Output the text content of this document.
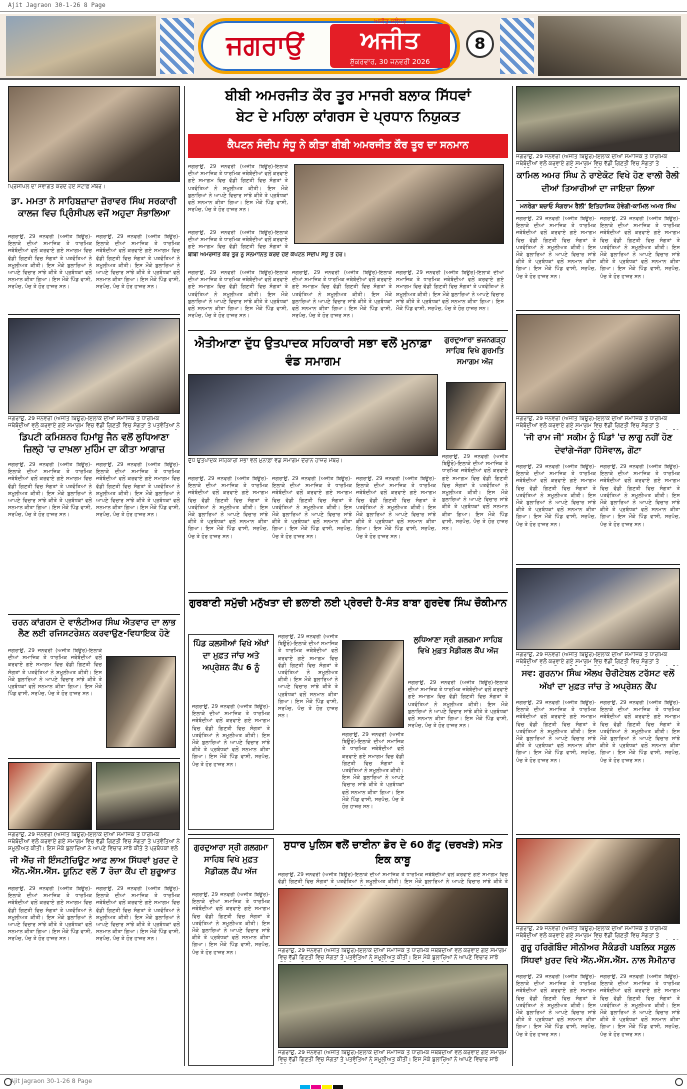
Ajit Jagraon 30-1-26 8 Page
ਜਗਰਾਉਂ	ਅਜੀਤ
ਅਜੀਤ ਜਲੰਧਰ
ਸ਼ੁੱਕਰਵਾਰ, 30 ਜਨਵਰੀ 2026
8
ਪ੍ਰਿੰਸੀਪਲ ਦਾ ਸਵਾਗਤ ਕਰਦੇ ਹੋਏ ਸਟਾਫ਼ ਮੈਂਬਰ।
ਡਾ. ਮਮਤਾ ਨੇ ਸਾਹਿਬਜ਼ਾਦਾ ਜ਼ੋਰਾਵਰ ਸਿੰਘ ਸਰਕਾਰੀ ਕਾਲਜ ਵਿਚ ਪ੍ਰਿੰਸੀਪਲ ਵਜੋਂ ਅਹੁਦਾ ਸੰਭਾਲਿਆ
ਜਗਰਾਉਂ, 29 ਜਨਵਰੀ (ਅਜੀਤ ਬਿਊਰੋ)-ਇਲਾਕੇ ਦੀਆਂ ਸਮਾਜਿਕ ਤੇ ਧਾਰਮਿਕ ਜਥੇਬੰਦੀਆਂ ਵਲੋਂ ਕਰਵਾਏ ਗਏ ਸਮਾਗਮ ਵਿਚ ਵੱਡੀ ਗਿਣਤੀ ਵਿਚ ਸੰਗਤਾਂ ਤੇ ਪਤਵੰਤਿਆਂ ਨੇ ਸ਼ਮੂਲੀਅਤ ਕੀਤੀ। ਇਸ ਮੌਕੇ ਬੁਲਾਰਿਆਂ ਨੇ ਆਪਣੇ ਵਿਚਾਰ ਸਾਂਝੇ ਕੀਤੇ ਤੇ ਪ੍ਰਬੰਧਕਾਂ ਵਲੋਂ ਸਨਮਾਨ ਕੀਤਾ ਗਿਆ। ਇਸ ਮੌਕੇ ਪਿੰਡ ਵਾਸੀ, ਸਰਪੰਚ, ਪੰਚ ਤੇ ਹੋਰ ਹਾਜ਼ਰ ਸਨ।
ਜਗਰਾਉਂ, 29 ਜਨਵਰੀ (ਅਜੀਤ ਬਿਊਰੋ)-ਇਲਾਕੇ ਦੀਆਂ ਸਮਾਜਿਕ ਤੇ ਧਾਰਮਿਕ ਜਥੇਬੰਦੀਆਂ ਵਲੋਂ ਕਰਵਾਏ ਗਏ ਸਮਾਗਮ ਵਿਚ ਵੱਡੀ ਗਿਣਤੀ ਵਿਚ ਸੰਗਤਾਂ ਤੇ ਪਤਵੰਤਿਆਂ ਨੇ ਸ਼ਮੂਲੀਅਤ ਕੀਤੀ। ਇਸ ਮੌਕੇ ਬੁਲਾਰਿਆਂ ਨੇ ਆਪਣੇ ਵਿਚਾਰ ਸਾਂਝੇ ਕੀਤੇ ਤੇ ਪ੍ਰਬੰਧਕਾਂ ਵਲੋਂ ਸਨਮਾਨ ਕੀਤਾ ਗਿਆ। ਇਸ ਮੌਕੇ ਪਿੰਡ ਵਾਸੀ, ਸਰਪੰਚ, ਪੰਚ ਤੇ ਹੋਰ ਹਾਜ਼ਰ ਸਨ।
ਜਗਰਾਉਂ, 29 ਜਨਵਰੀ (ਅਜੀਤ ਬਿਊਰੋ)-ਇਲਾਕੇ ਦੀਆਂ ਸਮਾਜਿਕ ਤੇ ਧਾਰਮਿਕ ਜਥੇਬੰਦੀਆਂ ਵਲੋਂ ਕਰਵਾਏ ਗਏ ਸਮਾਗਮ ਵਿਚ ਵੱਡੀ ਗਿਣਤੀ ਵਿਚ ਸੰਗਤਾਂ ਤੇ ਪਤਵੰਤਿਆਂ ਨੇ
ਡਿਪਟੀ ਕਮਿਸ਼ਨਰ ਹਿਮਾਂਸ਼ੂ ਜੈਨ ਵਲੋਂ ਲੁਧਿਆਣਾ ਜ਼ਿਲ੍ਹੇ 'ਚ ਦਾਖ਼ਲਾ ਮੁਹਿੰਮ ਦਾ ਕੀਤਾ ਆਗਾਜ਼
ਜਗਰਾਉਂ, 29 ਜਨਵਰੀ (ਅਜੀਤ ਬਿਊਰੋ)-ਇਲਾਕੇ ਦੀਆਂ ਸਮਾਜਿਕ ਤੇ ਧਾਰਮਿਕ ਜਥੇਬੰਦੀਆਂ ਵਲੋਂ ਕਰਵਾਏ ਗਏ ਸਮਾਗਮ ਵਿਚ ਵੱਡੀ ਗਿਣਤੀ ਵਿਚ ਸੰਗਤਾਂ ਤੇ ਪਤਵੰਤਿਆਂ ਨੇ ਸ਼ਮੂਲੀਅਤ ਕੀਤੀ। ਇਸ ਮੌਕੇ ਬੁਲਾਰਿਆਂ ਨੇ ਆਪਣੇ ਵਿਚਾਰ ਸਾਂਝੇ ਕੀਤੇ ਤੇ ਪ੍ਰਬੰਧਕਾਂ ਵਲੋਂ ਸਨਮਾਨ ਕੀਤਾ ਗਿਆ। ਇਸ ਮੌਕੇ ਪਿੰਡ ਵਾਸੀ, ਸਰਪੰਚ, ਪੰਚ ਤੇ ਹੋਰ ਹਾਜ਼ਰ ਸਨ।
ਜਗਰਾਉਂ, 29 ਜਨਵਰੀ (ਅਜੀਤ ਬਿਊਰੋ)-ਇਲਾਕੇ ਦੀਆਂ ਸਮਾਜਿਕ ਤੇ ਧਾਰਮਿਕ ਜਥੇਬੰਦੀਆਂ ਵਲੋਂ ਕਰਵਾਏ ਗਏ ਸਮਾਗਮ ਵਿਚ ਵੱਡੀ ਗਿਣਤੀ ਵਿਚ ਸੰਗਤਾਂ ਤੇ ਪਤਵੰਤਿਆਂ ਨੇ ਸ਼ਮੂਲੀਅਤ ਕੀਤੀ। ਇਸ ਮੌਕੇ ਬੁਲਾਰਿਆਂ ਨੇ ਆਪਣੇ ਵਿਚਾਰ ਸਾਂਝੇ ਕੀਤੇ ਤੇ ਪ੍ਰਬੰਧਕਾਂ ਵਲੋਂ ਸਨਮਾਨ ਕੀਤਾ ਗਿਆ। ਇਸ ਮੌਕੇ ਪਿੰਡ ਵਾਸੀ, ਸਰਪੰਚ, ਪੰਚ ਤੇ ਹੋਰ ਹਾਜ਼ਰ ਸਨ।
ਚਰਨ ਕਾਂਗਰਸ ਦੇ ਵਾਲੰਟੀਅਰ ਸਿੰਘ ਐਤਵਾਰ ਦਾ ਲਾਭ ਲੈਣ ਲਈ ਰਜਿਸਟਰੇਸ਼ਨ ਕਰਵਾਉਣ-ਵਿਧਾਇਕ ਹੋਣੇ
ਜਗਰਾਉਂ, 29 ਜਨਵਰੀ (ਅਜੀਤ ਬਿਊਰੋ)-ਇਲਾਕੇ ਦੀਆਂ ਸਮਾਜਿਕ ਤੇ ਧਾਰਮਿਕ ਜਥੇਬੰਦੀਆਂ ਵਲੋਂ ਕਰਵਾਏ ਗਏ ਸਮਾਗਮ ਵਿਚ ਵੱਡੀ ਗਿਣਤੀ ਵਿਚ ਸੰਗਤਾਂ ਤੇ ਪਤਵੰਤਿਆਂ ਨੇ ਸ਼ਮੂਲੀਅਤ ਕੀਤੀ। ਇਸ ਮੌਕੇ ਬੁਲਾਰਿਆਂ ਨੇ ਆਪਣੇ ਵਿਚਾਰ ਸਾਂਝੇ ਕੀਤੇ ਤੇ ਪ੍ਰਬੰਧਕਾਂ ਵਲੋਂ ਸਨਮਾਨ ਕੀਤਾ ਗਿਆ। ਇਸ ਮੌਕੇ ਪਿੰਡ ਵਾਸੀ, ਸਰਪੰਚ, ਪੰਚ ਤੇ ਹੋਰ ਹਾਜ਼ਰ ਸਨ।
ਜਗਰਾਉਂ, 29 ਜਨਵਰੀ (ਅਜੀਤ ਬਿਊਰੋ)-ਇਲਾਕੇ ਦੀਆਂ ਸਮਾਜਿਕ ਤੇ ਧਾਰਮਿਕ ਜਥੇਬੰਦੀਆਂ ਵਲੋਂ ਕਰਵਾਏ ਗਏ ਸਮਾਗਮ ਵਿਚ ਵੱਡੀ ਗਿਣਤੀ ਵਿਚ ਸੰਗਤਾਂ ਤੇ ਪਤਵੰਤਿਆਂ ਨੇ ਸ਼ਮੂਲੀਅਤ ਕੀਤੀ। ਇਸ ਮੌਕੇ ਬੁਲਾਰਿਆਂ ਨੇ ਆਪਣੇ ਵਿਚਾਰ ਸਾਂਝੇ ਕੀਤੇ ਤੇ ਪ੍ਰਬੰਧਕਾਂ ਵਲੋਂ
ਜੀ ਐੱਚ ਜੀ ਇੰਸਟੀਚਿਊਟ ਆਫ਼ ਲਾਅ ਸਿੱਧਵਾਂ ਖ਼ੁਰਦ ਦੇ ਐੱਨ.ਐੱਸ.ਐੱਸ. ਯੂਨਿਟ ਵਲੋਂ 7 ਰੋਜ਼ਾ ਕੈਂਪ ਦੀ ਸ਼ੁਰੂਆਤ
ਜਗਰਾਉਂ, 29 ਜਨਵਰੀ (ਅਜੀਤ ਬਿਊਰੋ)-ਇਲਾਕੇ ਦੀਆਂ ਸਮਾਜਿਕ ਤੇ ਧਾਰਮਿਕ ਜਥੇਬੰਦੀਆਂ ਵਲੋਂ ਕਰਵਾਏ ਗਏ ਸਮਾਗਮ ਵਿਚ ਵੱਡੀ ਗਿਣਤੀ ਵਿਚ ਸੰਗਤਾਂ ਤੇ ਪਤਵੰਤਿਆਂ ਨੇ ਸ਼ਮੂਲੀਅਤ ਕੀਤੀ। ਇਸ ਮੌਕੇ ਬੁਲਾਰਿਆਂ ਨੇ ਆਪਣੇ ਵਿਚਾਰ ਸਾਂਝੇ ਕੀਤੇ ਤੇ ਪ੍ਰਬੰਧਕਾਂ ਵਲੋਂ ਸਨਮਾਨ ਕੀਤਾ ਗਿਆ। ਇਸ ਮੌਕੇ ਪਿੰਡ ਵਾਸੀ, ਸਰਪੰਚ, ਪੰਚ ਤੇ ਹੋਰ ਹਾਜ਼ਰ ਸਨ।
ਜਗਰਾਉਂ, 29 ਜਨਵਰੀ (ਅਜੀਤ ਬਿਊਰੋ)-ਇਲਾਕੇ ਦੀਆਂ ਸਮਾਜਿਕ ਤੇ ਧਾਰਮਿਕ ਜਥੇਬੰਦੀਆਂ ਵਲੋਂ ਕਰਵਾਏ ਗਏ ਸਮਾਗਮ ਵਿਚ ਵੱਡੀ ਗਿਣਤੀ ਵਿਚ ਸੰਗਤਾਂ ਤੇ ਪਤਵੰਤਿਆਂ ਨੇ ਸ਼ਮੂਲੀਅਤ ਕੀਤੀ। ਇਸ ਮੌਕੇ ਬੁਲਾਰਿਆਂ ਨੇ ਆਪਣੇ ਵਿਚਾਰ ਸਾਂਝੇ ਕੀਤੇ ਤੇ ਪ੍ਰਬੰਧਕਾਂ ਵਲੋਂ ਸਨਮਾਨ ਕੀਤਾ ਗਿਆ। ਇਸ ਮੌਕੇ ਪਿੰਡ ਵਾਸੀ, ਸਰਪੰਚ, ਪੰਚ ਤੇ ਹੋਰ ਹਾਜ਼ਰ ਸਨ।
ਬੀਬੀ ਅਮਰਜੀਤ ਕੌਰ ਤੂਰ ਮਾਜਰੀ ਬਲਾਕ ਸਿੱਧਵਾਂ
ਬੇਟ ਦੇ ਮਹਿਲਾ ਕਾਂਗਰਸ ਦੇ ਪ੍ਰਧਾਨ ਨਿਯੁਕਤ
ਕੈਪਟਨ ਸੰਦੀਪ ਸੰਧੂ ਨੇ ਕੀਤਾ ਬੀਬੀ ਅਮਰਜੀਤ ਕੌਰ ਤੂਰ ਦਾ ਸਨਮਾਨ
ਜਗਰਾਉਂ, 29 ਜਨਵਰੀ (ਅਜੀਤ ਬਿਊਰੋ)-ਇਲਾਕੇ ਦੀਆਂ ਸਮਾਜਿਕ ਤੇ ਧਾਰਮਿਕ ਜਥੇਬੰਦੀਆਂ ਵਲੋਂ ਕਰਵਾਏ ਗਏ ਸਮਾਗਮ ਵਿਚ ਵੱਡੀ ਗਿਣਤੀ ਵਿਚ ਸੰਗਤਾਂ ਤੇ ਪਤਵੰਤਿਆਂ ਨੇ ਸ਼ਮੂਲੀਅਤ ਕੀਤੀ। ਇਸ ਮੌਕੇ ਬੁਲਾਰਿਆਂ ਨੇ ਆਪਣੇ ਵਿਚਾਰ ਸਾਂਝੇ ਕੀਤੇ ਤੇ ਪ੍ਰਬੰਧਕਾਂ ਵਲੋਂ ਸਨਮਾਨ ਕੀਤਾ ਗਿਆ। ਇਸ ਮੌਕੇ ਪਿੰਡ ਵਾਸੀ, ਸਰਪੰਚ, ਪੰਚ ਤੇ ਹੋਰ ਹਾਜ਼ਰ ਸਨ।
ਜਗਰਾਉਂ, 29 ਜਨਵਰੀ (ਅਜੀਤ ਬਿਊਰੋ)-ਇਲਾਕੇ ਦੀਆਂ ਸਮਾਜਿਕ ਤੇ ਧਾਰਮਿਕ ਜਥੇਬੰਦੀਆਂ ਵਲੋਂ ਕਰਵਾਏ ਗਏ ਸਮਾਗਮ ਵਿਚ ਵੱਡੀ ਗਿਣਤੀ ਵਿਚ ਸੰਗਤਾਂ ਤੇ
ਬੀਬੀ ਅਮਰਜੀਤ ਕੌਰ ਤੂਰ ਨੂੰ ਸਨਮਾਨਿਤ ਕਰਦੇ ਹੋਏ ਕੈਪਟਨ ਸੰਦੀਪ ਸੰਧੂ ਤੇ ਹੋਰ।
ਜਗਰਾਉਂ, 29 ਜਨਵਰੀ (ਅਜੀਤ ਬਿਊਰੋ)-ਇਲਾਕੇ ਦੀਆਂ ਸਮਾਜਿਕ ਤੇ ਧਾਰਮਿਕ ਜਥੇਬੰਦੀਆਂ ਵਲੋਂ ਕਰਵਾਏ ਗਏ ਸਮਾਗਮ ਵਿਚ ਵੱਡੀ ਗਿਣਤੀ ਵਿਚ ਸੰਗਤਾਂ ਤੇ ਪਤਵੰਤਿਆਂ ਨੇ ਸ਼ਮੂਲੀਅਤ ਕੀਤੀ। ਇਸ ਮੌਕੇ ਬੁਲਾਰਿਆਂ ਨੇ ਆਪਣੇ ਵਿਚਾਰ ਸਾਂਝੇ ਕੀਤੇ ਤੇ ਪ੍ਰਬੰਧਕਾਂ ਵਲੋਂ ਸਨਮਾਨ ਕੀਤਾ ਗਿਆ। ਇਸ ਮੌਕੇ ਪਿੰਡ ਵਾਸੀ, ਸਰਪੰਚ, ਪੰਚ ਤੇ ਹੋਰ ਹਾਜ਼ਰ ਸਨ।
ਜਗਰਾਉਂ, 29 ਜਨਵਰੀ (ਅਜੀਤ ਬਿਊਰੋ)-ਇਲਾਕੇ ਦੀਆਂ ਸਮਾਜਿਕ ਤੇ ਧਾਰਮਿਕ ਜਥੇਬੰਦੀਆਂ ਵਲੋਂ ਕਰਵਾਏ ਗਏ ਸਮਾਗਮ ਵਿਚ ਵੱਡੀ ਗਿਣਤੀ ਵਿਚ ਸੰਗਤਾਂ ਤੇ ਪਤਵੰਤਿਆਂ ਨੇ ਸ਼ਮੂਲੀਅਤ ਕੀਤੀ। ਇਸ ਮੌਕੇ ਬੁਲਾਰਿਆਂ ਨੇ ਆਪਣੇ ਵਿਚਾਰ ਸਾਂਝੇ ਕੀਤੇ ਤੇ ਪ੍ਰਬੰਧਕਾਂ ਵਲੋਂ ਸਨਮਾਨ ਕੀਤਾ ਗਿਆ। ਇਸ ਮੌਕੇ ਪਿੰਡ ਵਾਸੀ, ਸਰਪੰਚ, ਪੰਚ ਤੇ ਹੋਰ ਹਾਜ਼ਰ ਸਨ।
ਜਗਰਾਉਂ, 29 ਜਨਵਰੀ (ਅਜੀਤ ਬਿਊਰੋ)-ਇਲਾਕੇ ਦੀਆਂ ਸਮਾਜਿਕ ਤੇ ਧਾਰਮਿਕ ਜਥੇਬੰਦੀਆਂ ਵਲੋਂ ਕਰਵਾਏ ਗਏ ਸਮਾਗਮ ਵਿਚ ਵੱਡੀ ਗਿਣਤੀ ਵਿਚ ਸੰਗਤਾਂ ਤੇ ਪਤਵੰਤਿਆਂ ਨੇ ਸ਼ਮੂਲੀਅਤ ਕੀਤੀ। ਇਸ ਮੌਕੇ ਬੁਲਾਰਿਆਂ ਨੇ ਆਪਣੇ ਵਿਚਾਰ ਸਾਂਝੇ ਕੀਤੇ ਤੇ ਪ੍ਰਬੰਧਕਾਂ ਵਲੋਂ ਸਨਮਾਨ ਕੀਤਾ ਗਿਆ। ਇਸ ਮੌਕੇ ਪਿੰਡ ਵਾਸੀ, ਸਰਪੰਚ, ਪੰਚ ਤੇ ਹੋਰ ਹਾਜ਼ਰ ਸਨ।
ਐਤੀਆਣਾ ਦੁੱਧ ਉਤਪਾਦਕ ਸਹਿਕਾਰੀ ਸਭਾ ਵਲੋਂ ਮੁਨਾਫ਼ਾ ਵੰਡ ਸਮਾਗਮ
ਦੁੱਧ ਉਤਪਾਦਕ ਸਹਿਕਾਰੀ ਸਭਾ ਵਲੋਂ ਮੁਨਾਫ਼ਾ ਵੰਡ ਸਮਾਗਮ ਦੌਰਾਨ ਹਾਜ਼ਰ ਮੈਂਬਰ।
ਜਗਰਾਉਂ, 29 ਜਨਵਰੀ (ਅਜੀਤ ਬਿਊਰੋ)-ਇਲਾਕੇ ਦੀਆਂ ਸਮਾਜਿਕ ਤੇ ਧਾਰਮਿਕ ਜਥੇਬੰਦੀਆਂ ਵਲੋਂ ਕਰਵਾਏ ਗਏ ਸਮਾਗਮ ਵਿਚ ਵੱਡੀ ਗਿਣਤੀ ਵਿਚ ਸੰਗਤਾਂ ਤੇ ਪਤਵੰਤਿਆਂ ਨੇ ਸ਼ਮੂਲੀਅਤ ਕੀਤੀ। ਇਸ ਮੌਕੇ ਬੁਲਾਰਿਆਂ ਨੇ ਆਪਣੇ ਵਿਚਾਰ ਸਾਂਝੇ ਕੀਤੇ ਤੇ ਪ੍ਰਬੰਧਕਾਂ ਵਲੋਂ ਸਨਮਾਨ ਕੀਤਾ ਗਿਆ। ਇਸ ਮੌਕੇ ਪਿੰਡ ਵਾਸੀ, ਸਰਪੰਚ, ਪੰਚ ਤੇ ਹੋਰ ਹਾਜ਼ਰ ਸਨ।
ਜਗਰਾਉਂ, 29 ਜਨਵਰੀ (ਅਜੀਤ ਬਿਊਰੋ)-ਇਲਾਕੇ ਦੀਆਂ ਸਮਾਜਿਕ ਤੇ ਧਾਰਮਿਕ ਜਥੇਬੰਦੀਆਂ ਵਲੋਂ ਕਰਵਾਏ ਗਏ ਸਮਾਗਮ ਵਿਚ ਵੱਡੀ ਗਿਣਤੀ ਵਿਚ ਸੰਗਤਾਂ ਤੇ ਪਤਵੰਤਿਆਂ ਨੇ ਸ਼ਮੂਲੀਅਤ ਕੀਤੀ। ਇਸ ਮੌਕੇ ਬੁਲਾਰਿਆਂ ਨੇ ਆਪਣੇ ਵਿਚਾਰ ਸਾਂਝੇ ਕੀਤੇ ਤੇ ਪ੍ਰਬੰਧਕਾਂ ਵਲੋਂ ਸਨਮਾਨ ਕੀਤਾ ਗਿਆ। ਇਸ ਮੌਕੇ ਪਿੰਡ ਵਾਸੀ, ਸਰਪੰਚ, ਪੰਚ ਤੇ ਹੋਰ ਹਾਜ਼ਰ ਸਨ।
ਜਗਰਾਉਂ, 29 ਜਨਵਰੀ (ਅਜੀਤ ਬਿਊਰੋ)-ਇਲਾਕੇ ਦੀਆਂ ਸਮਾਜਿਕ ਤੇ ਧਾਰਮਿਕ ਜਥੇਬੰਦੀਆਂ ਵਲੋਂ ਕਰਵਾਏ ਗਏ ਸਮਾਗਮ ਵਿਚ ਵੱਡੀ ਗਿਣਤੀ ਵਿਚ ਸੰਗਤਾਂ ਤੇ ਪਤਵੰਤਿਆਂ ਨੇ ਸ਼ਮੂਲੀਅਤ ਕੀਤੀ। ਇਸ ਮੌਕੇ ਬੁਲਾਰਿਆਂ ਨੇ ਆਪਣੇ ਵਿਚਾਰ ਸਾਂਝੇ ਕੀਤੇ ਤੇ ਪ੍ਰਬੰਧਕਾਂ ਵਲੋਂ ਸਨਮਾਨ ਕੀਤਾ ਗਿਆ। ਇਸ ਮੌਕੇ ਪਿੰਡ ਵਾਸੀ, ਸਰਪੰਚ, ਪੰਚ ਤੇ ਹੋਰ ਹਾਜ਼ਰ ਸਨ।
ਗੁਰਦੁਆਰਾ ਭਜਨਗੜ੍ਹ ਸਾਹਿਬ ਵਿਖੇ ਗੁਰਮਤਿ ਸਮਾਗਮ ਅੱਜ
ਜਗਰਾਉਂ, 29 ਜਨਵਰੀ (ਅਜੀਤ ਬਿਊਰੋ)-ਇਲਾਕੇ ਦੀਆਂ ਸਮਾਜਿਕ ਤੇ ਧਾਰਮਿਕ ਜਥੇਬੰਦੀਆਂ ਵਲੋਂ ਕਰਵਾਏ ਗਏ ਸਮਾਗਮ ਵਿਚ ਵੱਡੀ ਗਿਣਤੀ ਵਿਚ ਸੰਗਤਾਂ ਤੇ ਪਤਵੰਤਿਆਂ ਨੇ ਸ਼ਮੂਲੀਅਤ ਕੀਤੀ। ਇਸ ਮੌਕੇ ਬੁਲਾਰਿਆਂ ਨੇ ਆਪਣੇ ਵਿਚਾਰ ਸਾਂਝੇ ਕੀਤੇ ਤੇ ਪ੍ਰਬੰਧਕਾਂ ਵਲੋਂ ਸਨਮਾਨ ਕੀਤਾ ਗਿਆ। ਇਸ ਮੌਕੇ ਪਿੰਡ ਵਾਸੀ, ਸਰਪੰਚ, ਪੰਚ ਤੇ ਹੋਰ ਹਾਜ਼ਰ ਸਨ।
ਗੁਰਬਾਣੀ ਸਮੁੱਚੀ ਮਨੁੱਖਤਾ ਦੀ ਭਲਾਈ ਲਈ ਪ੍ਰੇਰਦੀ ਹੈ-ਸੰਤ ਬਾਬਾ ਗੁਰਦੇਵ ਸਿੰਘ ਚੌਕੀਮਾਨ
ਪਿੰਡ ਕਲਸੀਆਂ ਵਿਖੇ ਅੱਖਾਂ ਦਾ ਮੁਫ਼ਤ ਜਾਂਚ ਅਤੇ ਅਪ੍ਰੇਸ਼ਨ ਕੈਂਪ 6 ਨੂੰ
ਜਗਰਾਉਂ, 29 ਜਨਵਰੀ (ਅਜੀਤ ਬਿਊਰੋ)-ਇਲਾਕੇ ਦੀਆਂ ਸਮਾਜਿਕ ਤੇ ਧਾਰਮਿਕ ਜਥੇਬੰਦੀਆਂ ਵਲੋਂ ਕਰਵਾਏ ਗਏ ਸਮਾਗਮ ਵਿਚ ਵੱਡੀ ਗਿਣਤੀ ਵਿਚ ਸੰਗਤਾਂ ਤੇ ਪਤਵੰਤਿਆਂ ਨੇ ਸ਼ਮੂਲੀਅਤ ਕੀਤੀ। ਇਸ ਮੌਕੇ ਬੁਲਾਰਿਆਂ ਨੇ ਆਪਣੇ ਵਿਚਾਰ ਸਾਂਝੇ ਕੀਤੇ ਤੇ ਪ੍ਰਬੰਧਕਾਂ ਵਲੋਂ ਸਨਮਾਨ ਕੀਤਾ ਗਿਆ। ਇਸ ਮੌਕੇ ਪਿੰਡ ਵਾਸੀ, ਸਰਪੰਚ, ਪੰਚ ਤੇ ਹੋਰ ਹਾਜ਼ਰ ਸਨ।
ਜਗਰਾਉਂ, 29 ਜਨਵਰੀ (ਅਜੀਤ ਬਿਊਰੋ)-ਇਲਾਕੇ ਦੀਆਂ ਸਮਾਜਿਕ ਤੇ ਧਾਰਮਿਕ ਜਥੇਬੰਦੀਆਂ ਵਲੋਂ ਕਰਵਾਏ ਗਏ ਸਮਾਗਮ ਵਿਚ ਵੱਡੀ ਗਿਣਤੀ ਵਿਚ ਸੰਗਤਾਂ ਤੇ ਪਤਵੰਤਿਆਂ ਨੇ ਸ਼ਮੂਲੀਅਤ ਕੀਤੀ। ਇਸ ਮੌਕੇ ਬੁਲਾਰਿਆਂ ਨੇ ਆਪਣੇ ਵਿਚਾਰ ਸਾਂਝੇ ਕੀਤੇ ਤੇ ਪ੍ਰਬੰਧਕਾਂ ਵਲੋਂ ਸਨਮਾਨ ਕੀਤਾ ਗਿਆ। ਇਸ ਮੌਕੇ ਪਿੰਡ ਵਾਸੀ, ਸਰਪੰਚ, ਪੰਚ ਤੇ ਹੋਰ ਹਾਜ਼ਰ ਸਨ।
ਜਗਰਾਉਂ, 29 ਜਨਵਰੀ (ਅਜੀਤ ਬਿਊਰੋ)-ਇਲਾਕੇ ਦੀਆਂ ਸਮਾਜਿਕ ਤੇ ਧਾਰਮਿਕ ਜਥੇਬੰਦੀਆਂ ਵਲੋਂ ਕਰਵਾਏ ਗਏ ਸਮਾਗਮ ਵਿਚ ਵੱਡੀ ਗਿਣਤੀ ਵਿਚ ਸੰਗਤਾਂ ਤੇ ਪਤਵੰਤਿਆਂ ਨੇ ਸ਼ਮੂਲੀਅਤ ਕੀਤੀ। ਇਸ ਮੌਕੇ ਬੁਲਾਰਿਆਂ ਨੇ ਆਪਣੇ ਵਿਚਾਰ ਸਾਂਝੇ ਕੀਤੇ ਤੇ ਪ੍ਰਬੰਧਕਾਂ ਵਲੋਂ ਸਨਮਾਨ ਕੀਤਾ ਗਿਆ। ਇਸ ਮੌਕੇ ਪਿੰਡ ਵਾਸੀ, ਸਰਪੰਚ, ਪੰਚ ਤੇ ਹੋਰ ਹਾਜ਼ਰ ਸਨ।
ਲੁਧਿਆਣਾ ਸ੍ਰੀ ਗਲਗਮਾ ਸਾਹਿਬ ਵਿਖੇ ਮੁਫ਼ਤ ਮੈਡੀਕਲ ਕੈਂਪ ਅੱਜ
ਜਗਰਾਉਂ, 29 ਜਨਵਰੀ (ਅਜੀਤ ਬਿਊਰੋ)-ਇਲਾਕੇ ਦੀਆਂ ਸਮਾਜਿਕ ਤੇ ਧਾਰਮਿਕ ਜਥੇਬੰਦੀਆਂ ਵਲੋਂ ਕਰਵਾਏ ਗਏ ਸਮਾਗਮ ਵਿਚ ਵੱਡੀ ਗਿਣਤੀ ਵਿਚ ਸੰਗਤਾਂ ਤੇ ਪਤਵੰਤਿਆਂ ਨੇ ਸ਼ਮੂਲੀਅਤ ਕੀਤੀ। ਇਸ ਮੌਕੇ ਬੁਲਾਰਿਆਂ ਨੇ ਆਪਣੇ ਵਿਚਾਰ ਸਾਂਝੇ ਕੀਤੇ ਤੇ ਪ੍ਰਬੰਧਕਾਂ ਵਲੋਂ ਸਨਮਾਨ ਕੀਤਾ ਗਿਆ। ਇਸ ਮੌਕੇ ਪਿੰਡ ਵਾਸੀ, ਸਰਪੰਚ, ਪੰਚ ਤੇ ਹੋਰ ਹਾਜ਼ਰ ਸਨ।
ਗੁਰਦੁਆਰਾ ਸ੍ਰੀ ਗਲਗਮਾ ਸਾਹਿਬ ਵਿਖੇ ਮੁਫ਼ਤ ਮੈਡੀਕਲ ਕੈਂਪ ਅੱਜ
ਜਗਰਾਉਂ, 29 ਜਨਵਰੀ (ਅਜੀਤ ਬਿਊਰੋ)-ਇਲਾਕੇ ਦੀਆਂ ਸਮਾਜਿਕ ਤੇ ਧਾਰਮਿਕ ਜਥੇਬੰਦੀਆਂ ਵਲੋਂ ਕਰਵਾਏ ਗਏ ਸਮਾਗਮ ਵਿਚ ਵੱਡੀ ਗਿਣਤੀ ਵਿਚ ਸੰਗਤਾਂ ਤੇ ਪਤਵੰਤਿਆਂ ਨੇ ਸ਼ਮੂਲੀਅਤ ਕੀਤੀ। ਇਸ ਮੌਕੇ ਬੁਲਾਰਿਆਂ ਨੇ ਆਪਣੇ ਵਿਚਾਰ ਸਾਂਝੇ ਕੀਤੇ ਤੇ ਪ੍ਰਬੰਧਕਾਂ ਵਲੋਂ ਸਨਮਾਨ ਕੀਤਾ ਗਿਆ। ਇਸ ਮੌਕੇ ਪਿੰਡ ਵਾਸੀ, ਸਰਪੰਚ, ਪੰਚ ਤੇ ਹੋਰ ਹਾਜ਼ਰ ਸਨ।
ਸੁਧਾਰ ਪੁਲਿਸ ਵਲੋਂ ਚਾਈਨਾ ਡੋਰ ਦੇ 60 ਗੱਟੂ (ਚਰਖੜੇ) ਸਮੇਤ ਇਕ ਕਾਬੂ
ਜਗਰਾਉਂ, 29 ਜਨਵਰੀ (ਅਜੀਤ ਬਿਊਰੋ)-ਇਲਾਕੇ ਦੀਆਂ ਸਮਾਜਿਕ ਤੇ ਧਾਰਮਿਕ ਜਥੇਬੰਦੀਆਂ ਵਲੋਂ ਕਰਵਾਏ ਗਏ ਸਮਾਗਮ ਵਿਚ ਵੱਡੀ ਗਿਣਤੀ ਵਿਚ ਸੰਗਤਾਂ ਤੇ ਪਤਵੰਤਿਆਂ ਨੇ ਸ਼ਮੂਲੀਅਤ ਕੀਤੀ। ਇਸ ਮੌਕੇ ਬੁਲਾਰਿਆਂ ਨੇ ਆਪਣੇ ਵਿਚਾਰ ਸਾਂਝੇ ਕੀਤੇ ਤੇ
ਜਗਰਾਉਂ, 29 ਜਨਵਰੀ (ਅਜੀਤ ਬਿਊਰੋ)-ਇਲਾਕੇ ਦੀਆਂ ਸਮਾਜਿਕ ਤੇ ਧਾਰਮਿਕ ਜਥੇਬੰਦੀਆਂ ਵਲੋਂ ਕਰਵਾਏ ਗਏ ਸਮਾਗਮ ਵਿਚ ਵੱਡੀ ਗਿਣਤੀ ਵਿਚ ਸੰਗਤਾਂ ਤੇ ਪਤਵੰਤਿਆਂ ਨੇ ਸ਼ਮੂਲੀਅਤ ਕੀਤੀ। ਇਸ ਮੌਕੇ ਬੁਲਾਰਿਆਂ ਨੇ ਆਪਣੇ ਵਿਚਾਰ ਸਾਂਝੇ
ਜਗਰਾਉਂ, 29 ਜਨਵਰੀ (ਅਜੀਤ ਬਿਊਰੋ)-ਇਲਾਕੇ ਦੀਆਂ ਸਮਾਜਿਕ ਤੇ ਧਾਰਮਿਕ ਜਥੇਬੰਦੀਆਂ ਵਲੋਂ ਕਰਵਾਏ ਗਏ ਸਮਾਗਮ ਵਿਚ ਵੱਡੀ ਗਿਣਤੀ ਵਿਚ ਸੰਗਤਾਂ ਤੇ ਪਤਵੰਤਿਆਂ ਨੇ ਸ਼ਮੂਲੀਅਤ ਕੀਤੀ। ਇਸ ਮੌਕੇ ਬੁਲਾਰਿਆਂ ਨੇ ਆਪਣੇ ਵਿਚਾਰ ਸਾਂਝੇ
ਜਗਰਾਉਂ, 29 ਜਨਵਰੀ (ਅਜੀਤ ਬਿਊਰੋ)-ਇਲਾਕੇ ਦੀਆਂ ਸਮਾਜਿਕ ਤੇ ਧਾਰਮਿਕ ਜਥੇਬੰਦੀਆਂ ਵਲੋਂ ਕਰਵਾਏ ਗਏ ਸਮਾਗਮ ਵਿਚ ਵੱਡੀ ਗਿਣਤੀ ਵਿਚ ਸੰਗਤਾਂ ਤੇ
ਕਾਮਿਲ ਅਮਰ ਸਿੰਘ ਨੇ ਰਾਏਕੋਟ ਵਿਖੇ ਹੋਣ ਵਾਲੀ ਰੈਲੀ ਦੀਆਂ ਤਿਆਰੀਆਂ ਦਾ ਜਾਇਜ਼ਾ ਲਿਆ
ਮਨਰੇਗਾ ਬਚਾਓ ਸੰਗਰਾਮ ਰੈਲੀ' ਇਤਿਹਾਸਿਕ ਹੋਵੇਗੀ-ਕਾਮਿਲ ਅਮਰ ਸਿੰਘ
ਜਗਰਾਉਂ, 29 ਜਨਵਰੀ (ਅਜੀਤ ਬਿਊਰੋ)-ਇਲਾਕੇ ਦੀਆਂ ਸਮਾਜਿਕ ਤੇ ਧਾਰਮਿਕ ਜਥੇਬੰਦੀਆਂ ਵਲੋਂ ਕਰਵਾਏ ਗਏ ਸਮਾਗਮ ਵਿਚ ਵੱਡੀ ਗਿਣਤੀ ਵਿਚ ਸੰਗਤਾਂ ਤੇ ਪਤਵੰਤਿਆਂ ਨੇ ਸ਼ਮੂਲੀਅਤ ਕੀਤੀ। ਇਸ ਮੌਕੇ ਬੁਲਾਰਿਆਂ ਨੇ ਆਪਣੇ ਵਿਚਾਰ ਸਾਂਝੇ ਕੀਤੇ ਤੇ ਪ੍ਰਬੰਧਕਾਂ ਵਲੋਂ ਸਨਮਾਨ ਕੀਤਾ ਗਿਆ। ਇਸ ਮੌਕੇ ਪਿੰਡ ਵਾਸੀ, ਸਰਪੰਚ, ਪੰਚ ਤੇ ਹੋਰ ਹਾਜ਼ਰ ਸਨ।
ਜਗਰਾਉਂ, 29 ਜਨਵਰੀ (ਅਜੀਤ ਬਿਊਰੋ)-ਇਲਾਕੇ ਦੀਆਂ ਸਮਾਜਿਕ ਤੇ ਧਾਰਮਿਕ ਜਥੇਬੰਦੀਆਂ ਵਲੋਂ ਕਰਵਾਏ ਗਏ ਸਮਾਗਮ ਵਿਚ ਵੱਡੀ ਗਿਣਤੀ ਵਿਚ ਸੰਗਤਾਂ ਤੇ ਪਤਵੰਤਿਆਂ ਨੇ ਸ਼ਮੂਲੀਅਤ ਕੀਤੀ। ਇਸ ਮੌਕੇ ਬੁਲਾਰਿਆਂ ਨੇ ਆਪਣੇ ਵਿਚਾਰ ਸਾਂਝੇ ਕੀਤੇ ਤੇ ਪ੍ਰਬੰਧਕਾਂ ਵਲੋਂ ਸਨਮਾਨ ਕੀਤਾ ਗਿਆ। ਇਸ ਮੌਕੇ ਪਿੰਡ ਵਾਸੀ, ਸਰਪੰਚ, ਪੰਚ ਤੇ ਹੋਰ ਹਾਜ਼ਰ ਸਨ।
ਜਗਰਾਉਂ, 29 ਜਨਵਰੀ (ਅਜੀਤ ਬਿਊਰੋ)-ਇਲਾਕੇ ਦੀਆਂ ਸਮਾਜਿਕ ਤੇ ਧਾਰਮਿਕ ਜਥੇਬੰਦੀਆਂ ਵਲੋਂ ਕਰਵਾਏ ਗਏ ਸਮਾਗਮ ਵਿਚ ਵੱਡੀ ਗਿਣਤੀ ਵਿਚ ਸੰਗਤਾਂ ਤੇ
'ਜੀ ਰਾਮ ਜੀ' ਸਕੀਮ ਨੂੰ ਪਿੰਡਾਂ 'ਚ ਲਾਗੂ ਨਹੀਂ ਹੋਣ ਦੇਵਾਂਗੇ-ਜੱਗਾ ਹਿੱਸੋਵਾਲ, ਗੋਂਟਾ
ਜਗਰਾਉਂ, 29 ਜਨਵਰੀ (ਅਜੀਤ ਬਿਊਰੋ)-ਇਲਾਕੇ ਦੀਆਂ ਸਮਾਜਿਕ ਤੇ ਧਾਰਮਿਕ ਜਥੇਬੰਦੀਆਂ ਵਲੋਂ ਕਰਵਾਏ ਗਏ ਸਮਾਗਮ ਵਿਚ ਵੱਡੀ ਗਿਣਤੀ ਵਿਚ ਸੰਗਤਾਂ ਤੇ ਪਤਵੰਤਿਆਂ ਨੇ ਸ਼ਮੂਲੀਅਤ ਕੀਤੀ। ਇਸ ਮੌਕੇ ਬੁਲਾਰਿਆਂ ਨੇ ਆਪਣੇ ਵਿਚਾਰ ਸਾਂਝੇ ਕੀਤੇ ਤੇ ਪ੍ਰਬੰਧਕਾਂ ਵਲੋਂ ਸਨਮਾਨ ਕੀਤਾ ਗਿਆ। ਇਸ ਮੌਕੇ ਪਿੰਡ ਵਾਸੀ, ਸਰਪੰਚ, ਪੰਚ ਤੇ ਹੋਰ ਹਾਜ਼ਰ ਸਨ।
ਜਗਰਾਉਂ, 29 ਜਨਵਰੀ (ਅਜੀਤ ਬਿਊਰੋ)-ਇਲਾਕੇ ਦੀਆਂ ਸਮਾਜਿਕ ਤੇ ਧਾਰਮਿਕ ਜਥੇਬੰਦੀਆਂ ਵਲੋਂ ਕਰਵਾਏ ਗਏ ਸਮਾਗਮ ਵਿਚ ਵੱਡੀ ਗਿਣਤੀ ਵਿਚ ਸੰਗਤਾਂ ਤੇ ਪਤਵੰਤਿਆਂ ਨੇ ਸ਼ਮੂਲੀਅਤ ਕੀਤੀ। ਇਸ ਮੌਕੇ ਬੁਲਾਰਿਆਂ ਨੇ ਆਪਣੇ ਵਿਚਾਰ ਸਾਂਝੇ ਕੀਤੇ ਤੇ ਪ੍ਰਬੰਧਕਾਂ ਵਲੋਂ ਸਨਮਾਨ ਕੀਤਾ ਗਿਆ। ਇਸ ਮੌਕੇ ਪਿੰਡ ਵਾਸੀ, ਸਰਪੰਚ, ਪੰਚ ਤੇ ਹੋਰ ਹਾਜ਼ਰ ਸਨ।
ਜਗਰਾਉਂ, 29 ਜਨਵਰੀ (ਅਜੀਤ ਬਿਊਰੋ)-ਇਲਾਕੇ ਦੀਆਂ ਸਮਾਜਿਕ ਤੇ ਧਾਰਮਿਕ ਜਥੇਬੰਦੀਆਂ ਵਲੋਂ ਕਰਵਾਏ ਗਏ ਸਮਾਗਮ ਵਿਚ ਵੱਡੀ ਗਿਣਤੀ ਵਿਚ ਸੰਗਤਾਂ ਤੇ
ਸਵ: ਗੁਰਨਾਮ ਸਿੰਘ ਔਲਖ ਚੈਰੀਟੇਬਲ ਟਰੱਸਟ ਵਲੋਂ ਅੱਖਾਂ ਦਾ ਮੁਫ਼ਤ ਜਾਂਚ ਤੇ ਅਪ੍ਰੇਸ਼ਨ ਕੈਂਪ
ਜਗਰਾਉਂ, 29 ਜਨਵਰੀ (ਅਜੀਤ ਬਿਊਰੋ)-ਇਲਾਕੇ ਦੀਆਂ ਸਮਾਜਿਕ ਤੇ ਧਾਰਮਿਕ ਜਥੇਬੰਦੀਆਂ ਵਲੋਂ ਕਰਵਾਏ ਗਏ ਸਮਾਗਮ ਵਿਚ ਵੱਡੀ ਗਿਣਤੀ ਵਿਚ ਸੰਗਤਾਂ ਤੇ ਪਤਵੰਤਿਆਂ ਨੇ ਸ਼ਮੂਲੀਅਤ ਕੀਤੀ। ਇਸ ਮੌਕੇ ਬੁਲਾਰਿਆਂ ਨੇ ਆਪਣੇ ਵਿਚਾਰ ਸਾਂਝੇ ਕੀਤੇ ਤੇ ਪ੍ਰਬੰਧਕਾਂ ਵਲੋਂ ਸਨਮਾਨ ਕੀਤਾ ਗਿਆ। ਇਸ ਮੌਕੇ ਪਿੰਡ ਵਾਸੀ, ਸਰਪੰਚ, ਪੰਚ ਤੇ ਹੋਰ ਹਾਜ਼ਰ ਸਨ।
ਜਗਰਾਉਂ, 29 ਜਨਵਰੀ (ਅਜੀਤ ਬਿਊਰੋ)-ਇਲਾਕੇ ਦੀਆਂ ਸਮਾਜਿਕ ਤੇ ਧਾਰਮਿਕ ਜਥੇਬੰਦੀਆਂ ਵਲੋਂ ਕਰਵਾਏ ਗਏ ਸਮਾਗਮ ਵਿਚ ਵੱਡੀ ਗਿਣਤੀ ਵਿਚ ਸੰਗਤਾਂ ਤੇ ਪਤਵੰਤਿਆਂ ਨੇ ਸ਼ਮੂਲੀਅਤ ਕੀਤੀ। ਇਸ ਮੌਕੇ ਬੁਲਾਰਿਆਂ ਨੇ ਆਪਣੇ ਵਿਚਾਰ ਸਾਂਝੇ ਕੀਤੇ ਤੇ ਪ੍ਰਬੰਧਕਾਂ ਵਲੋਂ ਸਨਮਾਨ ਕੀਤਾ ਗਿਆ। ਇਸ ਮੌਕੇ ਪਿੰਡ ਵਾਸੀ, ਸਰਪੰਚ, ਪੰਚ ਤੇ ਹੋਰ ਹਾਜ਼ਰ ਸਨ।
ਜਗਰਾਉਂ, 29 ਜਨਵਰੀ (ਅਜੀਤ ਬਿਊਰੋ)-ਇਲਾਕੇ ਦੀਆਂ ਸਮਾਜਿਕ ਤੇ ਧਾਰਮਿਕ ਜਥੇਬੰਦੀਆਂ ਵਲੋਂ ਕਰਵਾਏ ਗਏ ਸਮਾਗਮ ਵਿਚ ਵੱਡੀ ਗਿਣਤੀ ਵਿਚ ਸੰਗਤਾਂ ਤੇ
ਗੁਰੂ ਹਰਿਗੋਬਿੰਦ ਸੀਨੀਅਰ ਸੈਕੰਡਰੀ ਪਬਲਿਕ ਸਕੂਲ ਸਿੱਧਵਾਂ ਖ਼ੁਰਦ ਵਿਖੇ ਐੱਨ.ਐੱਸ.ਐੱਸ. ਨਾਲ ਸੈਮੀਨਾਰ
ਜਗਰਾਉਂ, 29 ਜਨਵਰੀ (ਅਜੀਤ ਬਿਊਰੋ)-ਇਲਾਕੇ ਦੀਆਂ ਸਮਾਜਿਕ ਤੇ ਧਾਰਮਿਕ ਜਥੇਬੰਦੀਆਂ ਵਲੋਂ ਕਰਵਾਏ ਗਏ ਸਮਾਗਮ ਵਿਚ ਵੱਡੀ ਗਿਣਤੀ ਵਿਚ ਸੰਗਤਾਂ ਤੇ ਪਤਵੰਤਿਆਂ ਨੇ ਸ਼ਮੂਲੀਅਤ ਕੀਤੀ। ਇਸ ਮੌਕੇ ਬੁਲਾਰਿਆਂ ਨੇ ਆਪਣੇ ਵਿਚਾਰ ਸਾਂਝੇ ਕੀਤੇ ਤੇ ਪ੍ਰਬੰਧਕਾਂ ਵਲੋਂ ਸਨਮਾਨ ਕੀਤਾ ਗਿਆ। ਇਸ ਮੌਕੇ ਪਿੰਡ ਵਾਸੀ, ਸਰਪੰਚ, ਪੰਚ ਤੇ ਹੋਰ ਹਾਜ਼ਰ ਸਨ।
ਜਗਰਾਉਂ, 29 ਜਨਵਰੀ (ਅਜੀਤ ਬਿਊਰੋ)-ਇਲਾਕੇ ਦੀਆਂ ਸਮਾਜਿਕ ਤੇ ਧਾਰਮਿਕ ਜਥੇਬੰਦੀਆਂ ਵਲੋਂ ਕਰਵਾਏ ਗਏ ਸਮਾਗਮ ਵਿਚ ਵੱਡੀ ਗਿਣਤੀ ਵਿਚ ਸੰਗਤਾਂ ਤੇ ਪਤਵੰਤਿਆਂ ਨੇ ਸ਼ਮੂਲੀਅਤ ਕੀਤੀ। ਇਸ ਮੌਕੇ ਬੁਲਾਰਿਆਂ ਨੇ ਆਪਣੇ ਵਿਚਾਰ ਸਾਂਝੇ ਕੀਤੇ ਤੇ ਪ੍ਰਬੰਧਕਾਂ ਵਲੋਂ ਸਨਮਾਨ ਕੀਤਾ ਗਿਆ। ਇਸ ਮੌਕੇ ਪਿੰਡ ਵਾਸੀ, ਸਰਪੰਚ, ਪੰਚ ਤੇ ਹੋਰ ਹਾਜ਼ਰ ਸਨ।
Ajit Jagraon 30-1-26 8 Page
